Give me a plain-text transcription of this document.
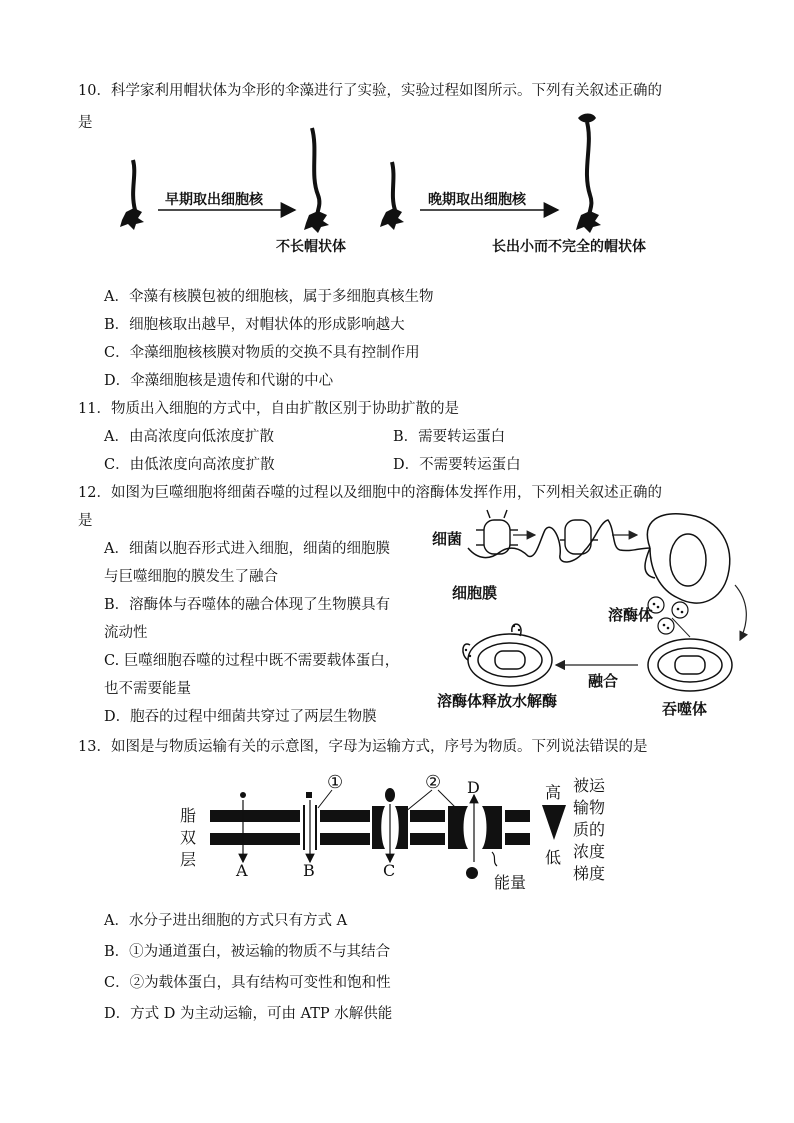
10．科学家利用帽状体为伞形的伞藻进行了实验，实验过程如图所示。下列有关叙述正确的
是
早期取出细胞核	晚期取出细胞核
不长帽状体	长出小而不完全的帽状体
A．伞藻有核膜包被的细胞核，属于多细胞真核生物
B．细胞核取出越早，对帽状体的形成影响越大
C．伞藻细胞核核膜对物质的交换不具有控制作用
D．伞藻细胞核是遗传和代谢的中心
11．物质出入细胞的方式中，自由扩散区别于协助扩散的是
A．由高浓度向低浓度扩散	B．需要转运蛋白
C．由低浓度向高浓度扩散	D．不需要转运蛋白
12．如图为巨噬细胞将细菌吞噬的过程以及细胞中的溶酶体发挥作用，下列相关叙述正确的
是
A．细菌以胞吞形式进入细胞，细菌的细胞膜
与巨噬细胞的膜发生了融合
B．溶酶体与吞噬体的融合体现了生物膜具有
流动性
C. 巨噬细胞吞噬的过程中既不需要载体蛋白，
也不需要能量
D．胞吞的过程中细菌共穿过了两层生物膜
细菌
细胞膜
溶酶体
融合
溶酶体释放水解酶	吞噬体
13．如图是与物质运输有关的示意图，字母为运输方式，序号为物质。下列说法错误的是
脂
双
层
A	B	C
D
①	②
能量
高
低
被运
输物
质的
浓度
梯度
A．水分子进出细胞的方式只有方式 A
B．①为通道蛋白，被运输的物质不与其结合
C．②为载体蛋白，具有结构可变性和饱和性
D．方式 D 为主动运输，可由 ATP 水解供能
